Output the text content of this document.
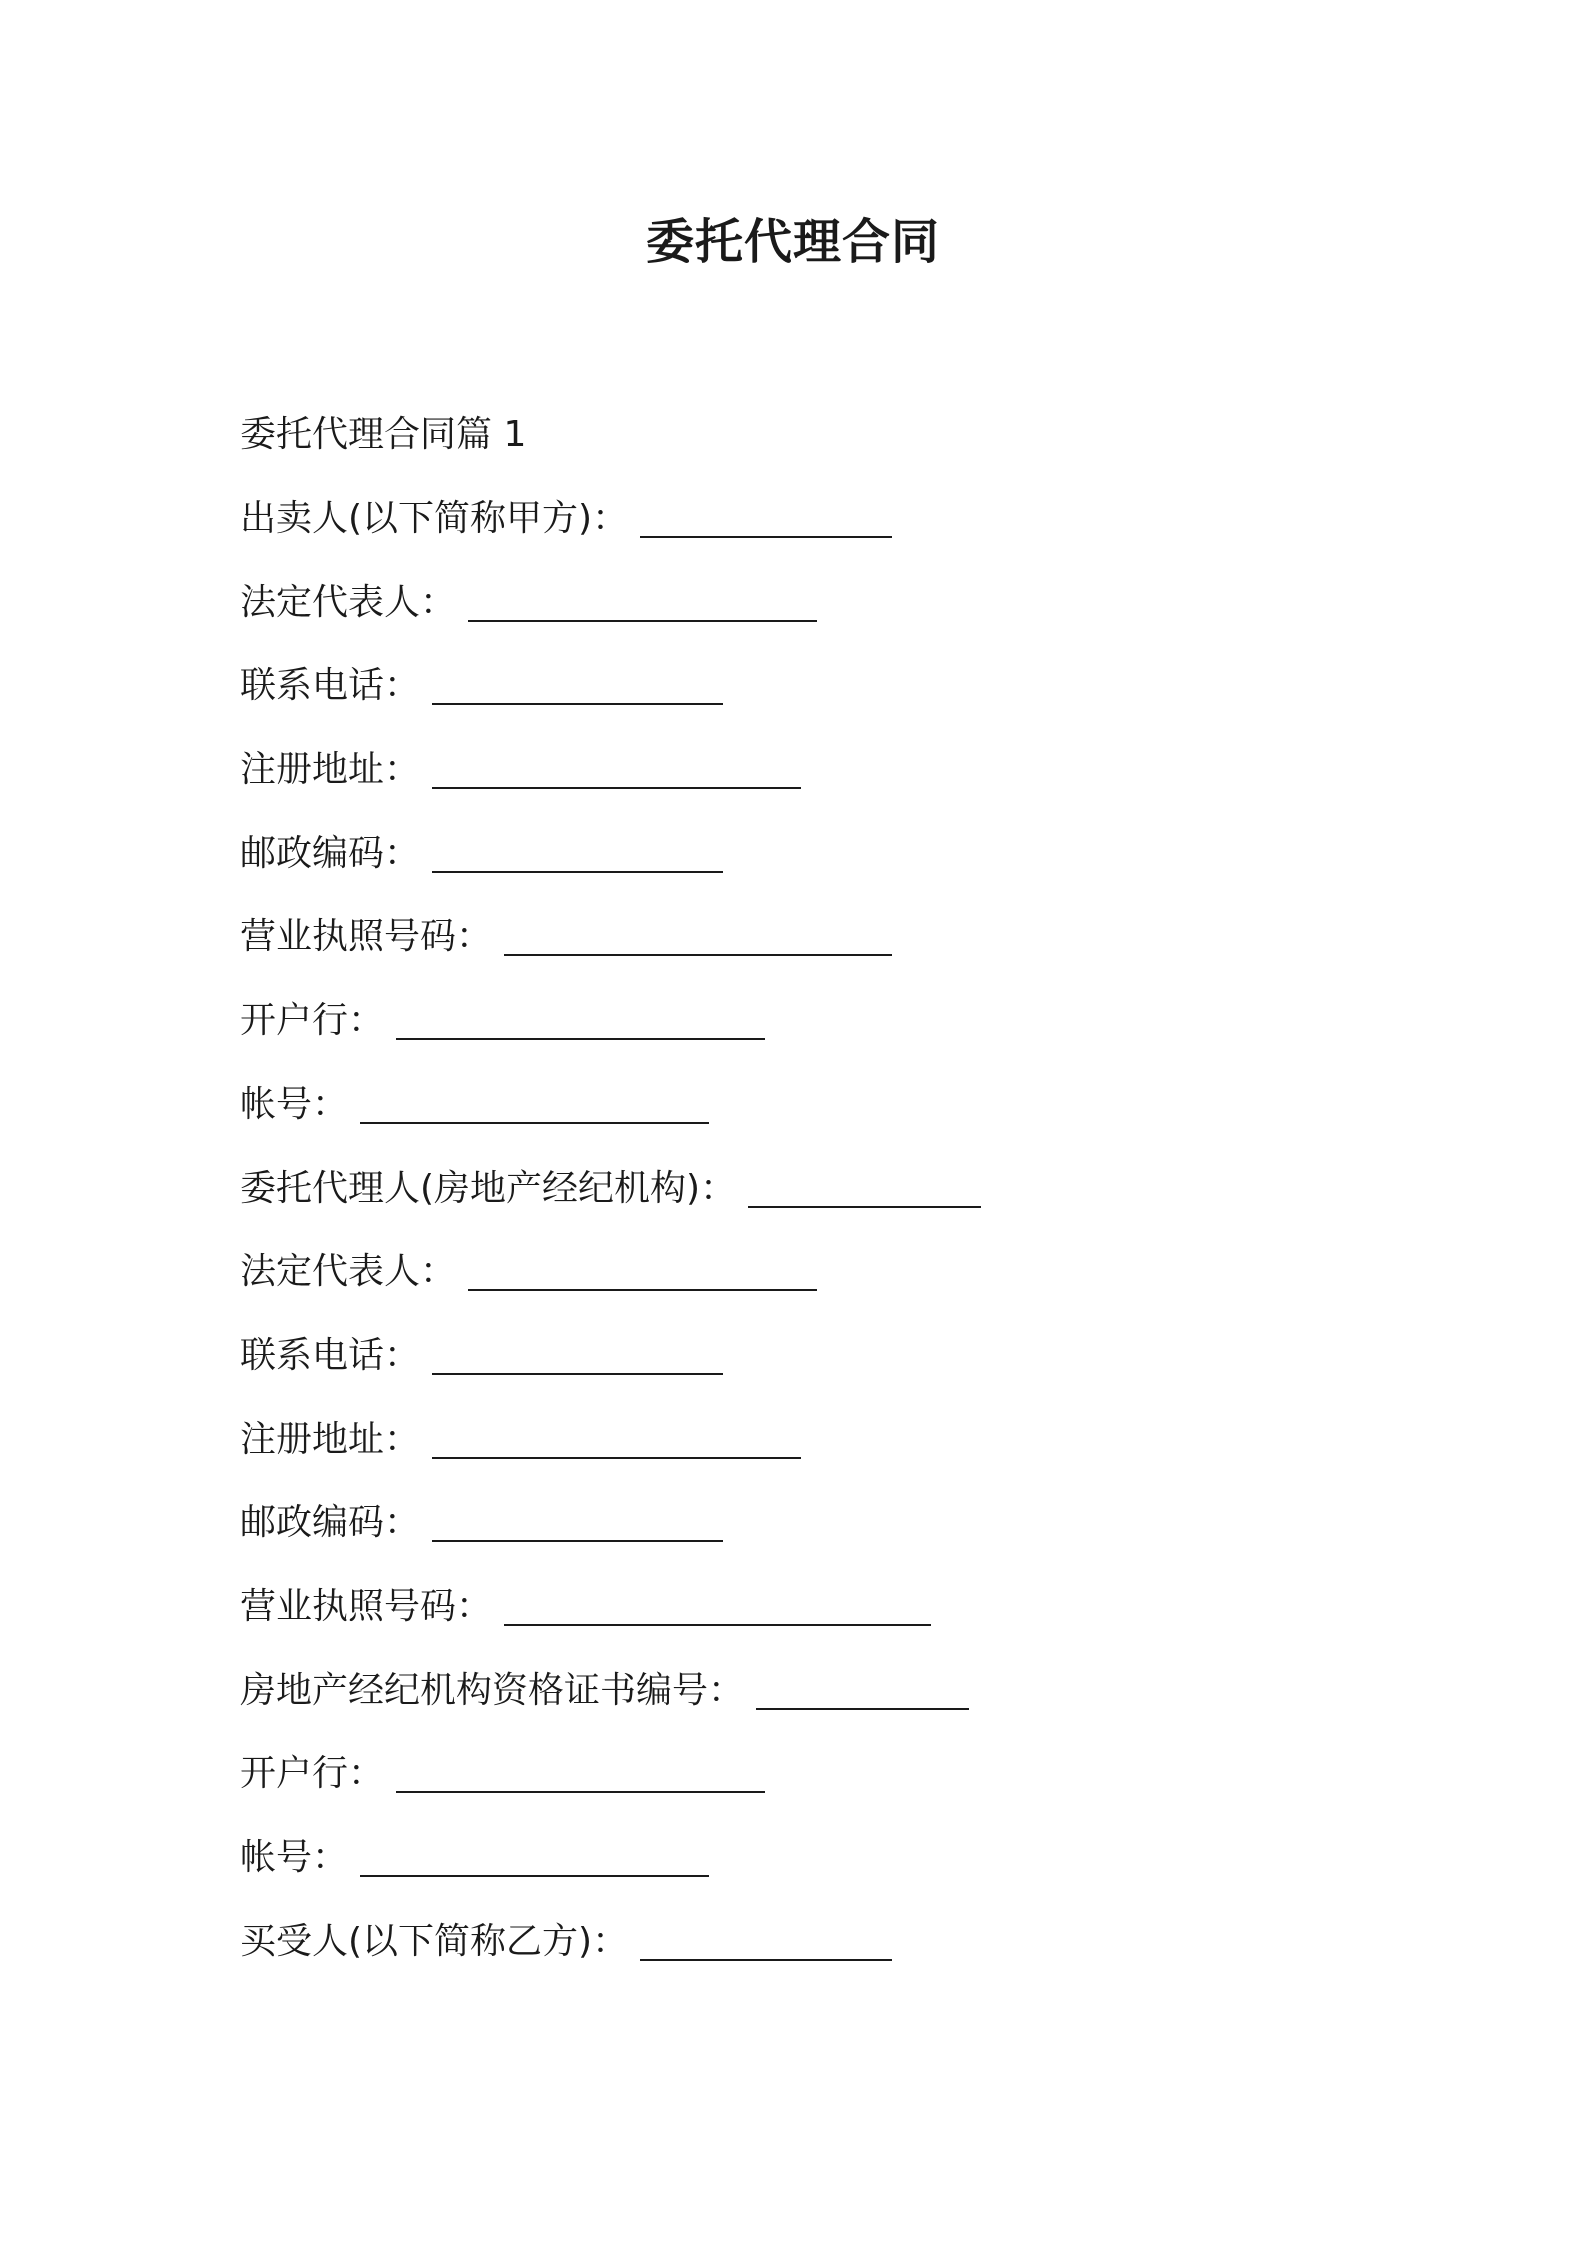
委托代理合同
委托代理合同篇 1
出卖人(以下简称甲方) ：
法定代表人 ：
联系电话 ：
注册地址 ：
邮政编码 ：
营业执照号码 ：
开户行 ：
帐号 ：
委托代理人(房地产经纪机构) ：
法定代表人 ：
联系电话 ：
注册地址 ：
邮政编码 ：
营业执照号码 ：
房地产经纪机构资格证书编号 ：
开户行 ：
帐号 ：
买受人(以下简称乙方) ：
